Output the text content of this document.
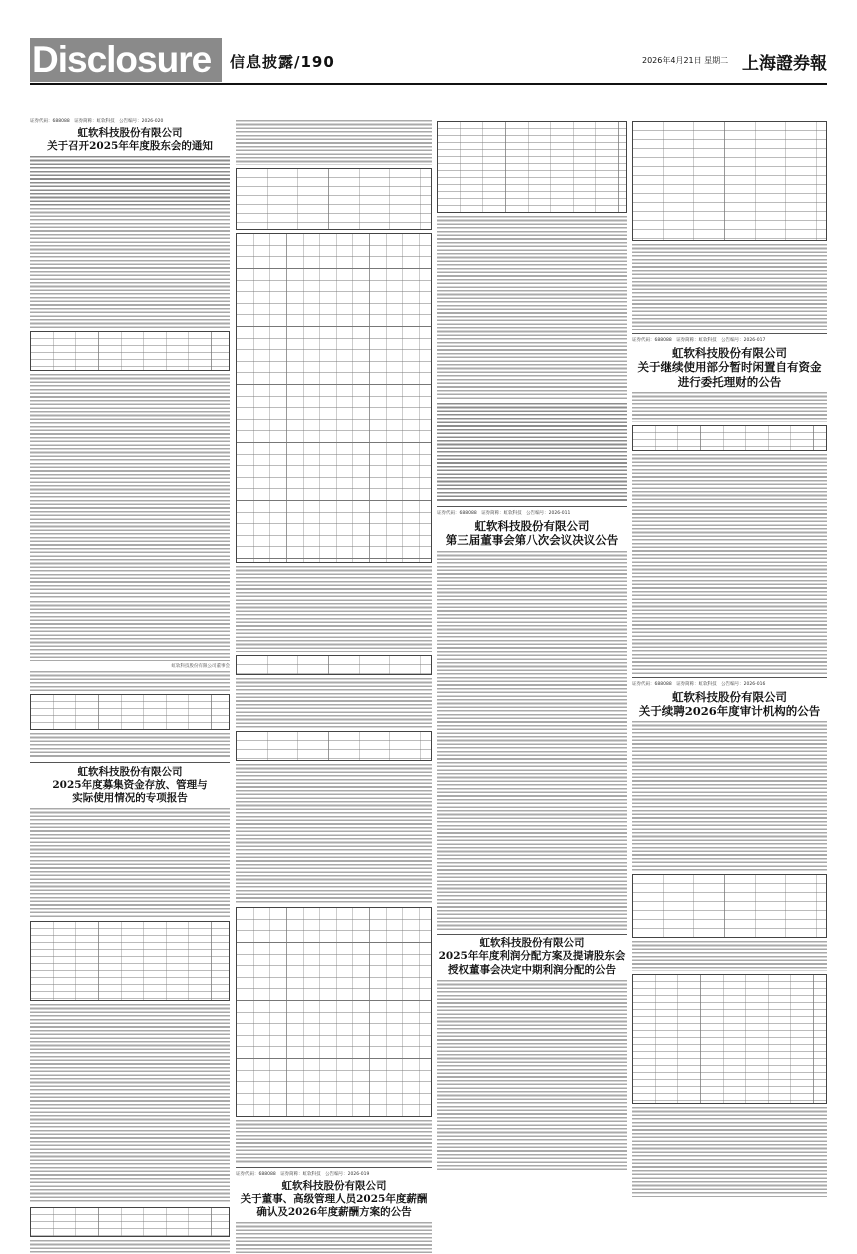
Disclosure	信息披露/190	2026年4月21日 星期二 上海證券報
证券代码：688088　证券简称：虹软科技　公告编号：2026-020
虹软科技股份有限公司
关于召开2025年年度股东会的通知
虹软科技股份有限公司董事会
虹软科技股份有限公司
2025年度募集资金存放、管理与
实际使用情况的专项报告
证券代码：688088　证券简称：虹软科技　公告编号：2026-019
虹软科技股份有限公司
关于董事、高级管理人员2025年度薪酬
确认及2026年度薪酬方案的公告
证券代码：688088　证券简称：虹软科技　公告编号：2026-011
虹软科技股份有限公司
第三届董事会第八次会议决议公告
虹软科技股份有限公司
2025年年度利润分配方案及提请股东会
授权董事会决定中期利润分配的公告
证券代码：688088　证券简称：虹软科技　公告编号：2026-017
虹软科技股份有限公司
关于继续使用部分暂时闲置自有资金
进行委托理财的公告
证券代码：688088　证券简称：虹软科技　公告编号：2026-016
虹软科技股份有限公司
关于续聘2026年度审计机构的公告
